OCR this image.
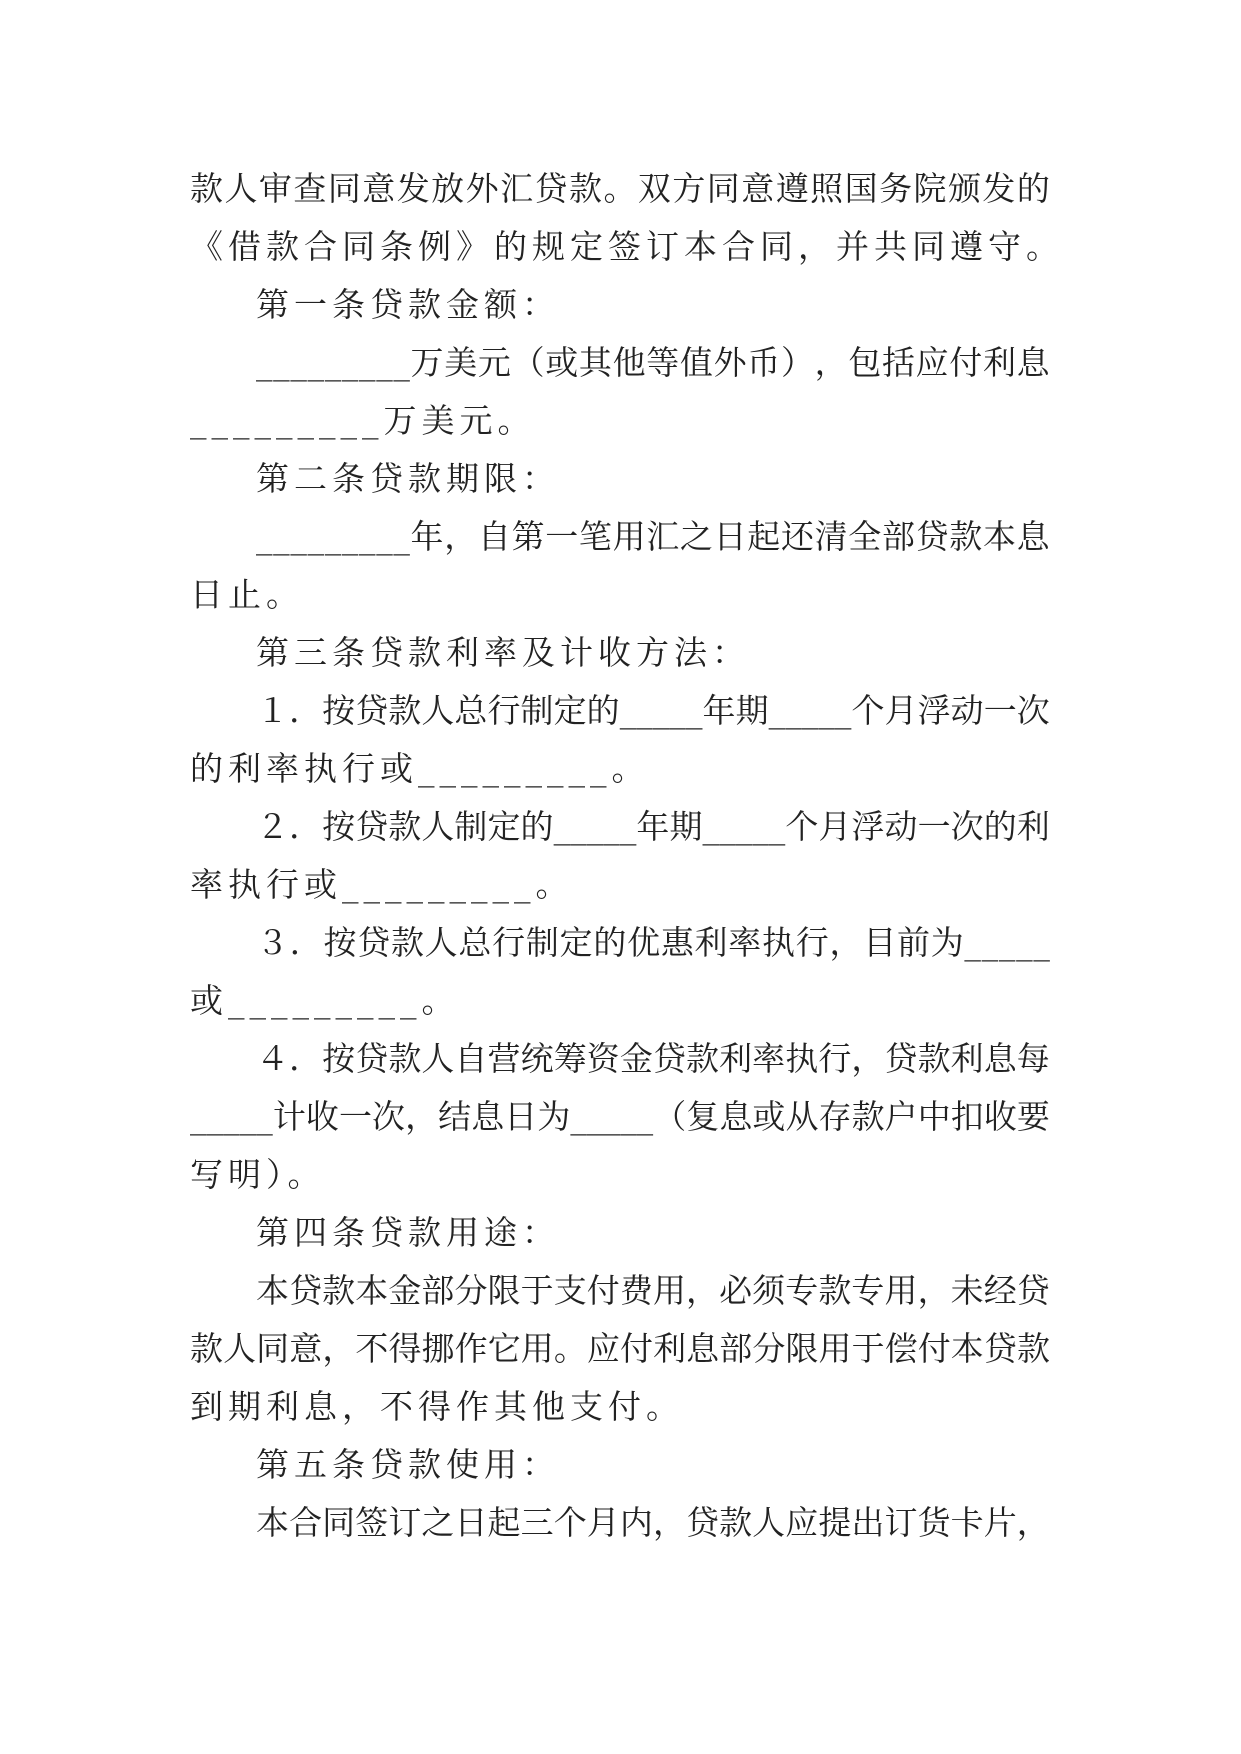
款 人 审 查 同 意 发 放 外 汇 贷 款 。 双 方 同 意 遵 照 国 务 院 颁 发 的
《借款合同条例》的规定签订本合同，并共同遵守。
第一条贷款金额：
_ _ _ _ _ _ _ _ _ 万 美 元 （ 或 其 他 等 值 外 币 ） ， 包 括 应 付 利 息
_________万美元。
第二条贷款期限：
_ _ _ _ _ _ _ _ _ 年 ， 自 第 一 笔 用 汇 之 日 起 还 清 全 部 贷 款 本 息
日止。
第三条贷款利率及计收方法：
１ ． 按 贷 款 人 总 行 制 定 的 _ _ _ _ _ 年 期 _ _ _ _ _ 个 月 浮 动 一 次
的利率执行或_________。
２ ． 按 贷 款 人 制 定 的 _ _ _ _ _ 年 期 _ _ _ _ _ 个 月 浮 动 一 次 的 利
率执行或_________。
３ ． 按 贷 款 人 总 行 制 定 的 优 惠 利 率 执 行 ， 目 前 为 _ _ _ _ _
或_________。
４ ． 按 贷 款 人 自 营 统 筹 资 金 贷 款 利 率 执 行 ， 贷 款 利 息 每
_ _ _ _ _ 计 收 一 次 ， 结 息 日 为 _ _ _ _ _ （ 复 息 或 从 存 款 户 中 扣 收 要
写明）。
第四条贷款用途：
本 贷 款 本 金 部 分 限 于 支 付 费 用 ， 必 须 专 款 专 用 ， 未 经 贷
款 人 同 意 ， 不 得 挪 作 它 用 。 应 付 利 息 部 分 限 用 于 偿 付 本 贷 款
到期利息，不得作其他支付。
第五条贷款使用：
本 合 同 签 订 之 日 起 三 个 月 内 ， 贷 款 人 应 提 出 订 货 卡 片 ，
